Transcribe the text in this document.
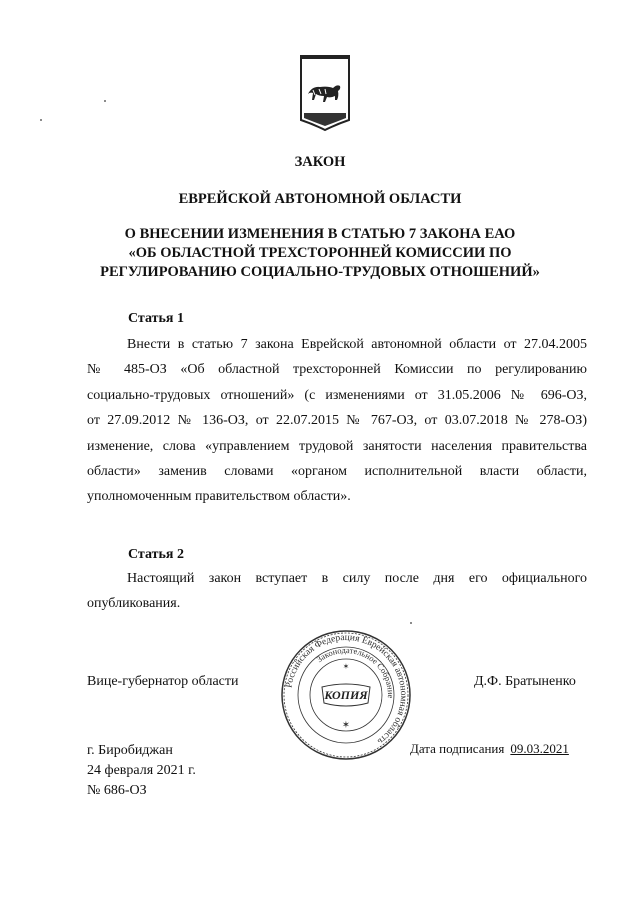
ЗАКОН
ЕВРЕЙСКОЙ АВТОНОМНОЙ ОБЛАСТИ
О ВНЕСЕНИИ ИЗМЕНЕНИЯ В СТАТЬЮ 7 ЗАКОНА ЕАО
«ОБ ОБЛАСТНОЙ ТРЕХСТОРОННЕЙ КОМИССИИ ПО
РЕГУЛИРОВАНИЮ СОЦИАЛЬНО-ТРУДОВЫХ ОТНОШЕНИЙ»
Статья 1
Внести в статью 7 закона Еврейской автономной области от 27.04.2005
№ 485-ОЗ «Об областной трехсторонней Комиссии по регулированию
социально-трудовых отношений» (с изменениями от 31.05.2006 № 696-ОЗ,
от 27.09.2012 № 136-ОЗ, от 22.07.2015 № 767-ОЗ, от 03.07.2018 № 278-ОЗ)
изменение, слова «управлением трудовой занятости населения правительства
области» заменив словами «органом исполнительной власти области,
уполномоченным правительством области».
Статья 2
Настоящий закон вступает в силу после дня его официального
опубликования.
Вице-губернатор области	Д.Ф. Братыненко
Российская Федерация Еврейская автономная область
Законодательное Собрание
КОПИЯ
✶
✶
г. Биробиджан
24 февраля 2021 г.
№ 686-ОЗ
Дата подписания 09.03.2021
